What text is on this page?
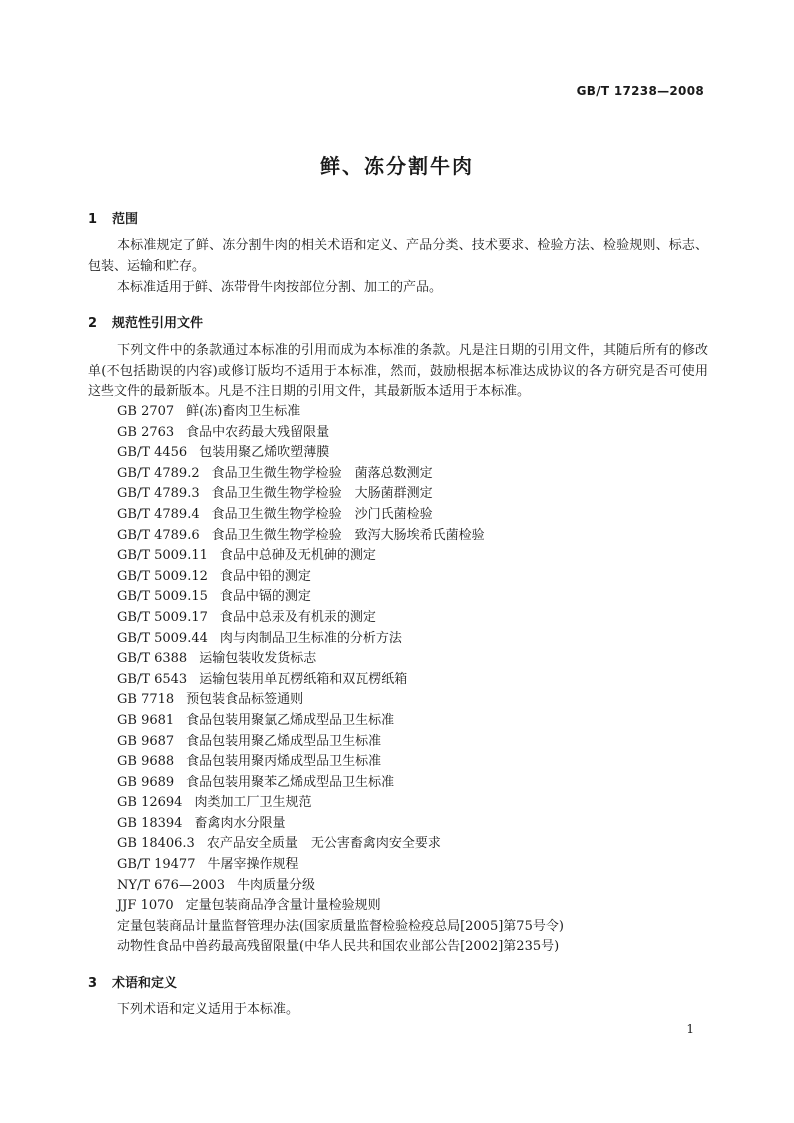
GB/T 17238—2008
鲜、冻分割牛肉
1 范围
本标准规定了鲜、冻分割牛肉的相关术语和定义、产品分类、技术要求、检验方法、检验规则、标志、包装、运输和贮存。
本标准适用于鲜、冻带骨牛肉按部位分割、加工的产品。
2 规范性引用文件
下列文件中的条款通过本标准的引用而成为本标准的条款。凡是注日期的引用文件，其随后所有的修改单(不包括勘误的内容)或修订版均不适用于本标准，然而，鼓励根据本标准达成协议的各方研究是否可使用这些文件的最新版本。凡是不注日期的引用文件，其最新版本适用于本标准。
GB 2707 鲜(冻)畜肉卫生标准
GB 2763 食品中农药最大残留限量
GB/T 4456 包装用聚乙烯吹塑薄膜
GB/T 4789.2 食品卫生微生物学检验　菌落总数测定
GB/T 4789.3 食品卫生微生物学检验　大肠菌群测定
GB/T 4789.4 食品卫生微生物学检验　沙门氏菌检验
GB/T 4789.6 食品卫生微生物学检验　致泻大肠埃希氏菌检验
GB/T 5009.11 食品中总砷及无机砷的测定
GB/T 5009.12 食品中铅的测定
GB/T 5009.15 食品中镉的测定
GB/T 5009.17 食品中总汞及有机汞的测定
GB/T 5009.44 肉与肉制品卫生标准的分析方法
GB/T 6388 运输包装收发货标志
GB/T 6543 运输包装用单瓦楞纸箱和双瓦楞纸箱
GB 7718 预包装食品标签通则
GB 9681 食品包装用聚氯乙烯成型品卫生标准
GB 9687 食品包装用聚乙烯成型品卫生标准
GB 9688 食品包装用聚丙烯成型品卫生标准
GB 9689 食品包装用聚苯乙烯成型品卫生标准
GB 12694 肉类加工厂卫生规范
GB 18394 畜禽肉水分限量
GB 18406.3 农产品安全质量　无公害畜禽肉安全要求
GB/T 19477 牛屠宰操作规程
NY/T 676—2003 牛肉质量分级
JJF 1070 定量包装商品净含量计量检验规则
定量包装商品计量监督管理办法(国家质量监督检验检疫总局[2005]第75号令)
动物性食品中兽药最高残留限量(中华人民共和国农业部公告[2002]第235号)
3 术语和定义
下列术语和定义适用于本标准。
1
